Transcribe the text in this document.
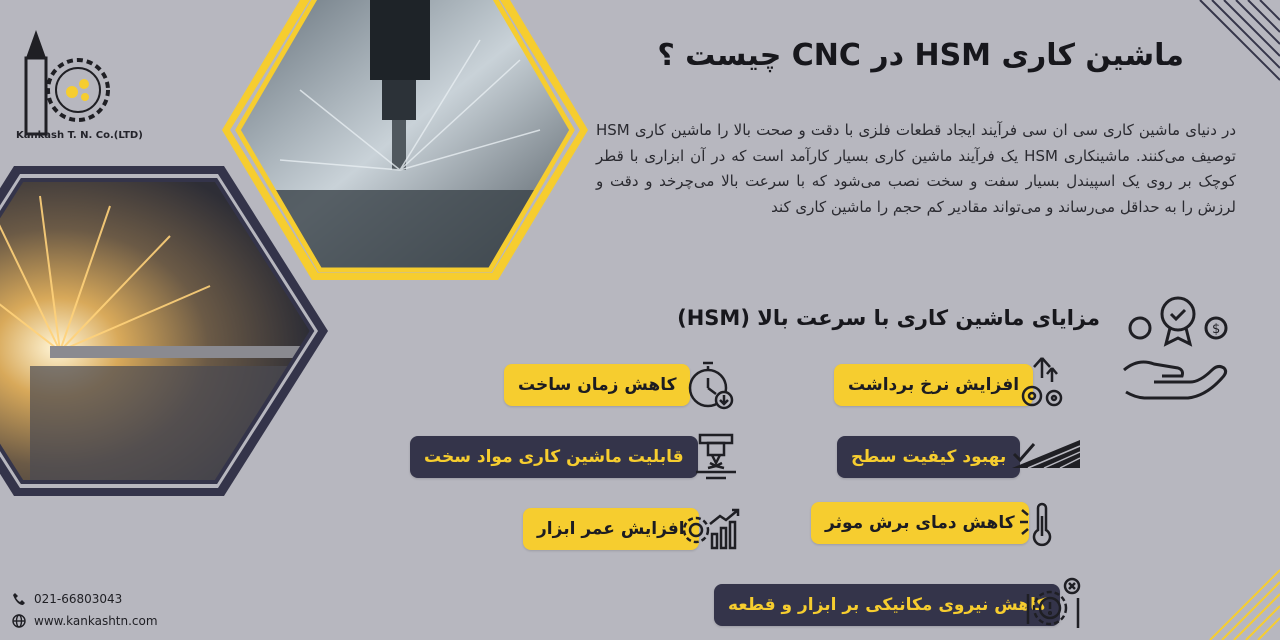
Kankash T. N. Co.(LTD)
ماشین کاری HSM در CNC چیست ؟

در دنیای ماشین کاری سی ان سی فرآیند ایجاد قطعات فلزی با دقت و صحت بالا را ماشین کاری HSM توصیف می‌کنند. ماشینکاری HSM یک فرآیند ماشین کاری بسیار کارآمد است که در آن ابزاری با قطر کوچک بر روی یک اسپیندل بسیار سفت و سخت نصب می‌شود که با سرعت بالا می‌چرخد و دقت و لرزش را به حداقل می‌رساند و می‌تواند مقادیر کم حجم را ماشین کاری کند

مزایای ماشین کاری با سرعت بالا (HSM)	$
افزایش نرخ برداشت
بهبود کیفیت سطح
کاهش دمای برش موثر
کاهش نیروی مکانیکی بر ابزار و قطعه
کاهش زمان ساخت
قابلیت ماشین کاری مواد سخت
افزایش عمر ابزار
021-66803043
www.kankashtn.com
